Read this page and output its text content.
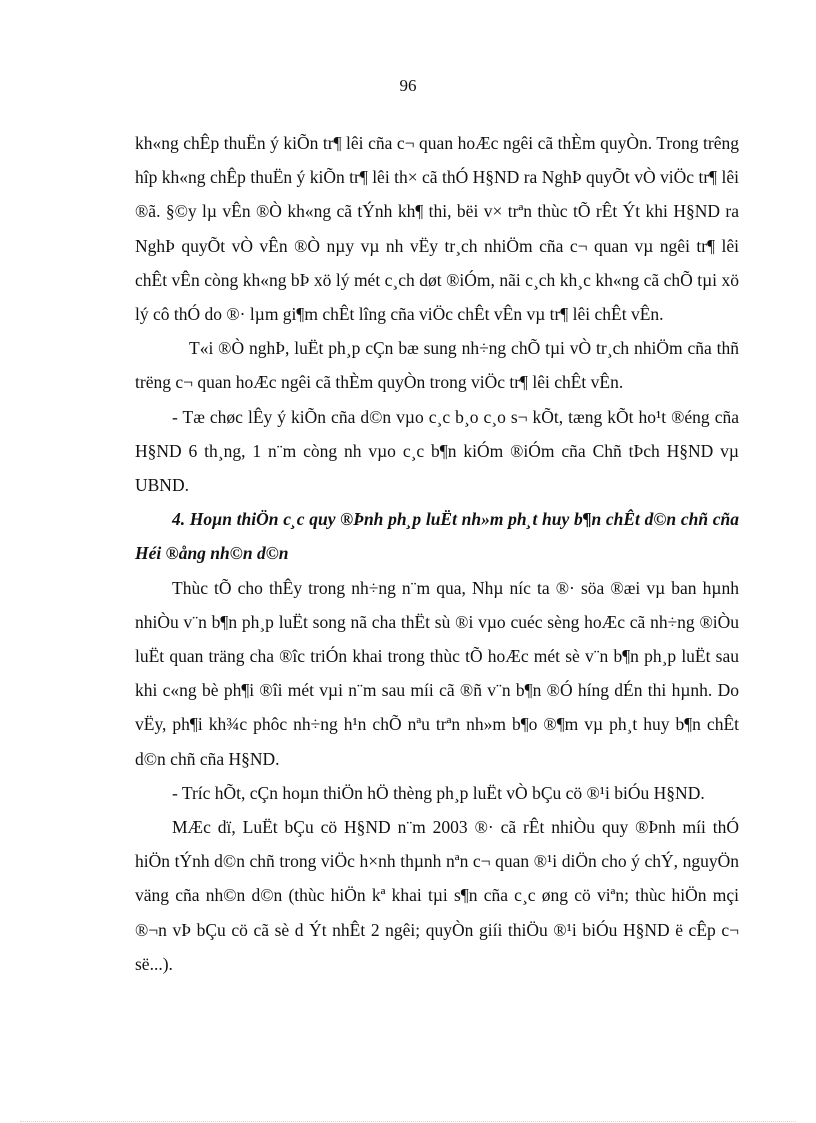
96

kh«ng chÊp thuËn ý kiÕn tr¶ lêi cña c¬ quan hoÆc ngêi cã thÈm quyÒn. Trong trêng hîp kh«ng chÊp thuËn ý kiÕn tr¶ lêi th× cã thÓ H§ND ra NghÞ quyÕt vÒ viÖc tr¶ lêi ®ã. §©y lµ vÊn ®Ò kh«ng cã tÝnh kh¶ thi, bëi v× trªn thùc tÕ rÊt Ýt khi H§ND ra NghÞ quyÕt vÒ vÊn ®Ò nµy vµ nh vËy tr¸ch nhiÖm cña c¬ quan vµ ngêi tr¶ lêi chÊt vÊn còng kh«ng bÞ xö lý mét c¸ch døt ®iÓm, nãi c¸ch kh¸c kh«ng cã chÕ tµi xö lý cô thÓ do ®· lµm gi¶m chÊt lîng cña viÖc chÊt vÊn vµ tr¶ lêi chÊt vÊn.

T«i ®Ò nghÞ, luËt ph¸p cÇn bæ sung nh÷ng chÕ tµi vÒ tr¸ch nhiÖm cña thñ trëng c¬ quan hoÆc ngêi cã thÈm quyÒn trong viÖc tr¶ lêi chÊt vÊn.

- Tæ chøc lÊy ý kiÕn cña d©n vµo c¸c b¸o c¸o s¬ kÕt, tæng kÕt ho¹t ®éng cña H§ND 6 th¸ng, 1 n¨m còng nh vµo c¸c b¶n kiÓm ®iÓm cña Chñ tÞch H§ND vµ UBND.

4. Hoµn thiÖn c¸c quy ®Þnh ph¸p luËt nh»m ph¸t huy b¶n chÊt d©n chñ cña Héi ®ång nh©n d©n

Thùc tÕ cho thÊy trong nh÷ng n¨m qua, Nhµ níc ta ®· söa ®æi vµ ban hµnh nhiÒu v¨n b¶n ph¸p luËt song nã cha thËt sù ®i vµo cuéc sèng hoÆc cã nh÷ng ®iÒu luËt quan träng cha ®îc triÓn khai trong thùc tÕ hoÆc mét sè v¨n b¶n ph¸p luËt sau khi c«ng bè ph¶i ®îi mét vµi n¨m sau míi cã ®ñ v¨n b¶n ®Ó híng dÉn thi hµnh. Do vËy, ph¶i kh¾c phôc nh÷ng h¹n chÕ nªu trªn nh»m b¶o ®¶m vµ ph¸t huy b¶n chÊt d©n chñ cña H§ND.

- Tríc hÕt, cÇn hoµn thiÖn hÖ thèng ph¸p luËt vÒ bÇu cö ®¹i biÓu H§ND.

MÆc dï, LuËt bÇu cö H§ND n¨m 2003 ®· cã rÊt nhiÒu quy ®Þnh míi thÓ hiÖn tÝnh d©n chñ trong viÖc h×nh thµnh nªn c¬ quan ®¹i diÖn cho ý chÝ, nguyÖn väng cña nh©n d©n (thùc hiÖn kª khai tµi s¶n cña c¸c øng cö viªn; thùc hiÖn mçi ®¬n vÞ bÇu cö cã sè d Ýt nhÊt 2 ngêi; quyÒn giíi thiÖu ®¹i biÓu H§ND ë cÊp c¬ së...).
